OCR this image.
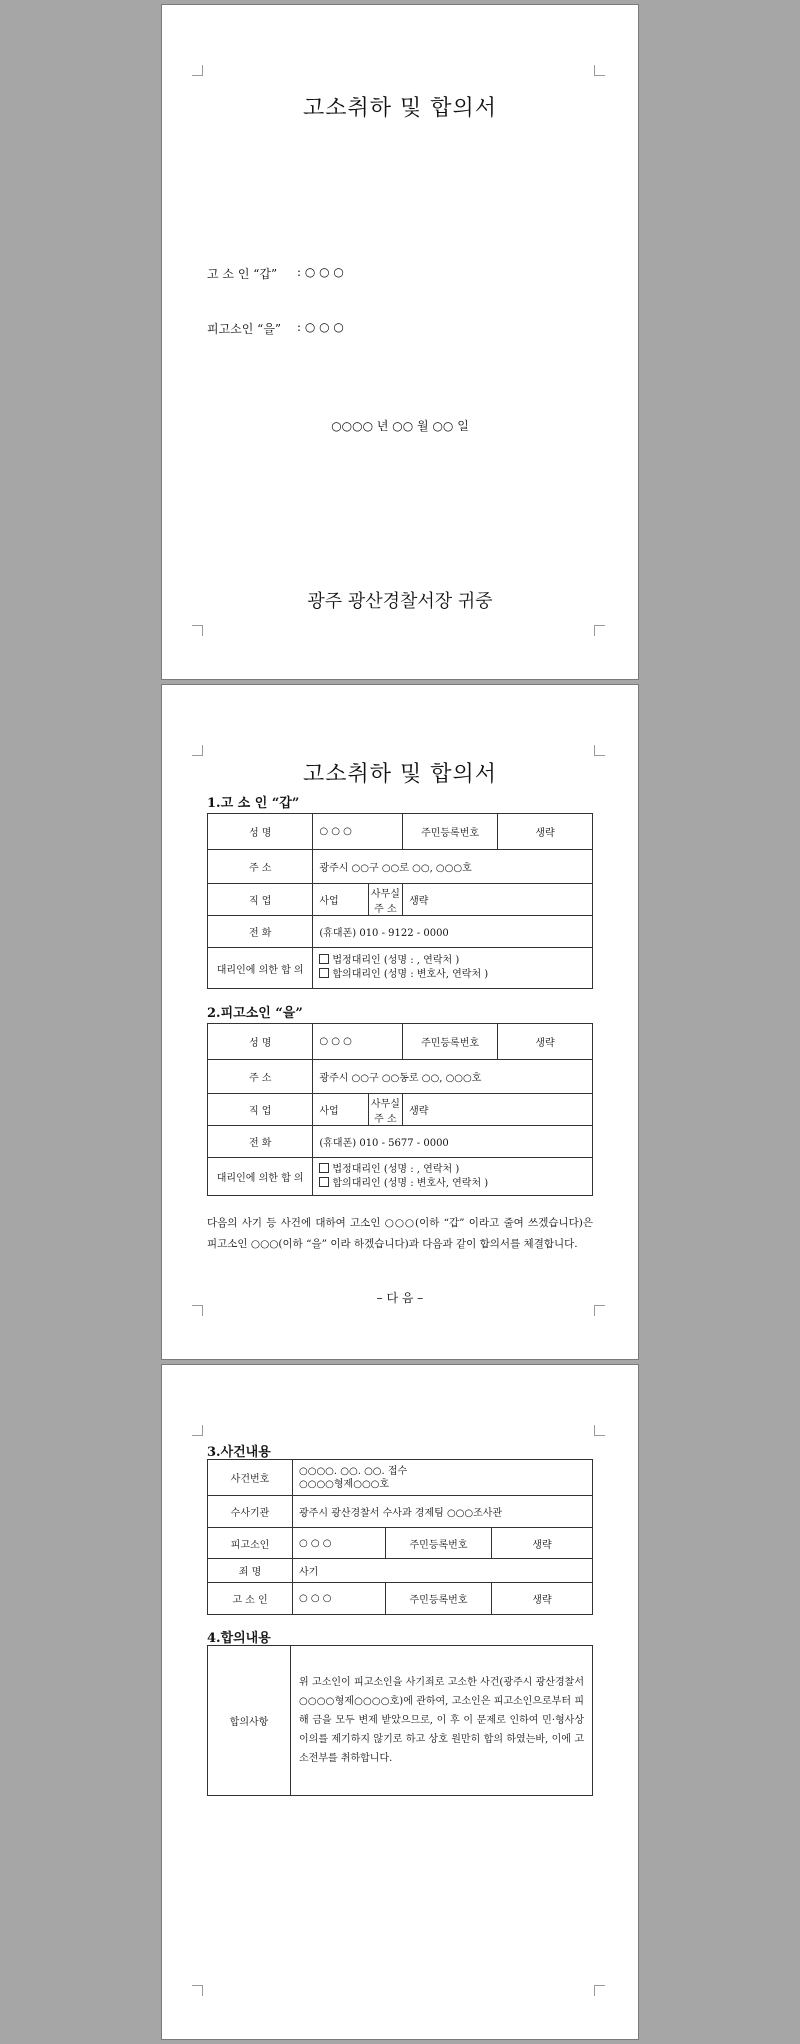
고소취하 및 합의서
고 소 인 “갑” : ○ ○ ○
피고소인 “을” : ○ ○ ○
○○○○ 년 ○○ 월 ○○ 일
광주 광산경찰서장 귀중
고소취하 및 합의서
1.고 소 인 “갑”
성 명	○ ○ ○		주민등록번호	생략
주 소	광주시 ○○구 ○○로 ○○, ○○○호			
직 업	사업	사무실 주 소	생략	
전 화	(휴대폰) 010 - 9122 - 0000			
대리인에 의한 합 의	법정대리인 (성명 : , 연락처 )
합의대리인 (성명 : 변호사, 연락처 )			
2.피고소인 “을”
성 명	○ ○ ○		주민등록번호	생략
주 소	광주시 ○○구 ○○동로 ○○, ○○○호			
직 업	사업	사무실 주 소	생략	
전 화	(휴대폰) 010 - 5677 - 0000			
대리인에 의한 합 의	법정대리인 (성명 : , 연락처 )
합의대리인 (성명 : 변호사, 연락처 )			
다음의 사기 등 사건에 대하여 고소인 ○○○(이하 “갑” 이라고 줄여 쓰겠습니다)은 피고소인 ○○○(이하 “을” 이라 하겠습니다)과 다음과 같이 합의서를 체결합니다.
– 다 음 –
3.사건내용
사건번호	○○○○. ○○. ○○. 접수
○○○○형제○○○호		

수사기관	광주시 광산경찰서 수사과 경제팀 ○○○조사관		
피고소인	○ ○ ○	주민등록번호	생략
죄 명	사기		
고 소 인	○ ○ ○	주민등록번호	생략
4.합의내용
합의사항	위 고소인이 피고소인을 사기죄로 고소한 사건(광주시 광산경찰서 ○○○○형제○○○○호)에 관하여, 고소인은 피고소인으로부터 피해 금을 모두 변제 받았으므로, 이 후 이 문제로 인하여 민·형사상 이의를 제기하지 않기로 하고 상호 원만히 합의 하였는바, 이에 고소전부를 취하합니다.
